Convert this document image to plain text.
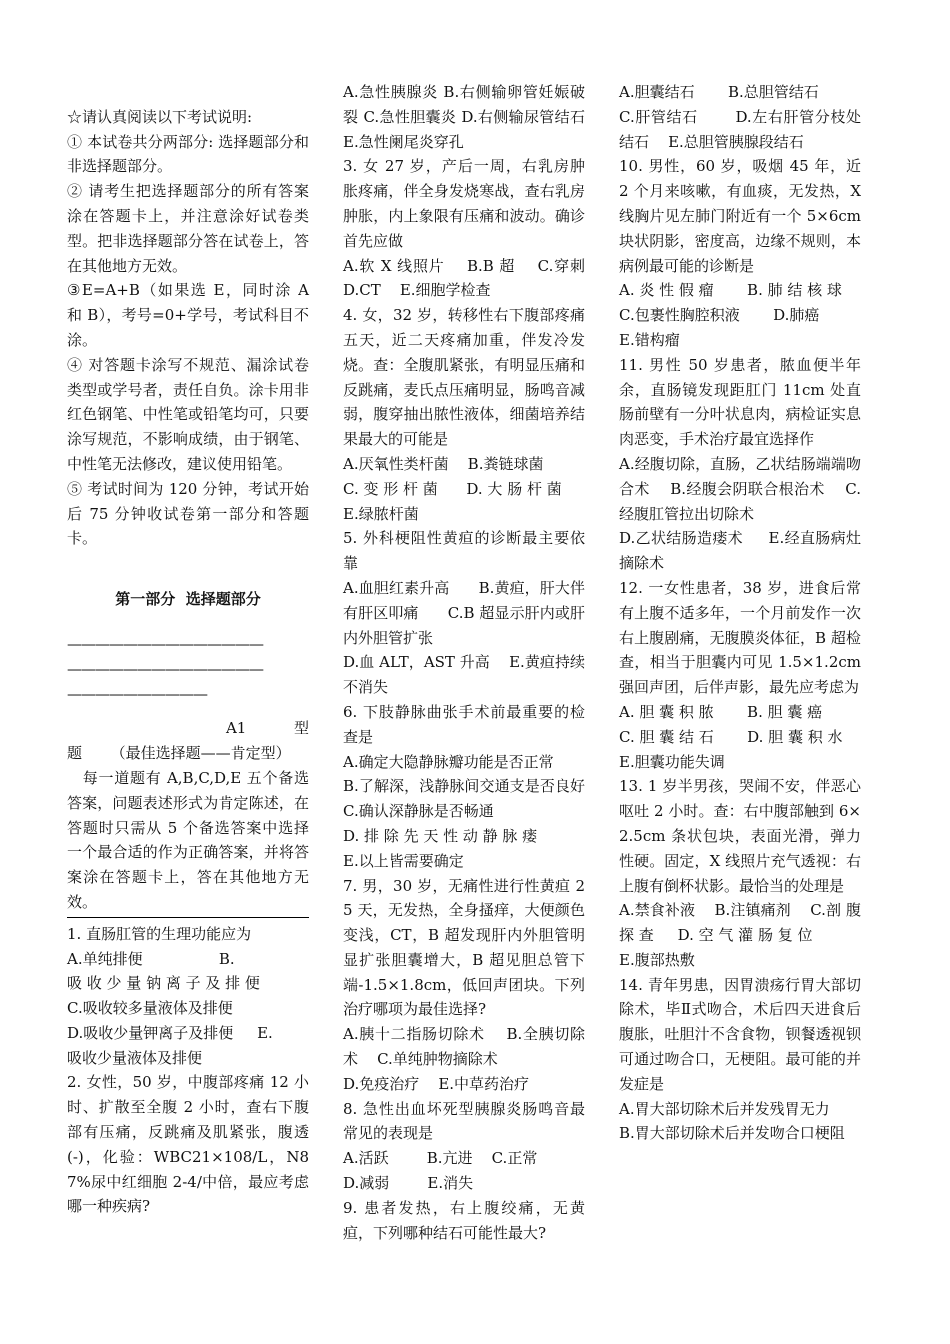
☆请认真阅读以下考试说明:

① 本试卷共分两部分: 选择题部分和非选择题部分。

② 请考生把选择题部分的所有答案涂在答题卡上，并注意涂好试卷类型。把非选择题部分答在试卷上，答在其他地方无效。

③E=A+B（如果选 E，同时涂 A 和 B），考号=0+学号，考试科目不涂。

④ 对答题卡涂写不规范、漏涂试卷类型或学号者，责任自负。涂卡用非红色钢笔、中性笔或铅笔均可，只要涂写规范，不影响成绩，由于钢笔、中性笔无法修改，建议使用铅笔。

⑤ 考试时间为 120 分钟，考试开始后 75 分钟收试卷第一部分和答题卡。

第一部分  选择题部分

——————————————

——————————————

——————————

A1          型

题      （最佳选择题——肯定型）

　每一道题有 A,B,C,D,E 五个备选答案，问题表述形式为肯定陈述，在答题时只需从 5 个备选答案中选择一个最合适的作为正确答案，并将答案涂在答题卡上，答在其他地方无效。

1. 直肠肛管的生理功能应为

A.单纯排便                B.

吸 收 少 量 钠 离 子 及 排 便

C.吸收较多量液体及排便

D.吸收少量钾离子及排便     E.

吸收少量液体及排便

2. 女性，50 岁，中腹部疼痛 12 小时、扩散至全腹 2 小时，查右下腹部有压痛，反跳痛及肌紧张，腹透(-)，化验：WBC21×108/L，N87%尿中红细胞 2-4/中倍，最应考虑哪一种疾病?

A.急性胰腺炎 B.右侧输卵管妊娠破裂 C.急性胆囊炎 D.右侧输尿管结石 E.急性阑尾炎穿孔

3. 女 27 岁，产后一周，右乳房肿胀疼痛，伴全身发烧寒战，查右乳房肿胀，内上象限有压痛和波动。确诊首先应做

A.软 X 线照片    B.B 超    C.穿刺    D.CT    E.细胞学检查

4. 女，32 岁，转移性右下腹部疼痛五天，近二天疼痛加重，伴发冷发烧。查：全腹肌紧张，有明显压痛和反跳痛，麦氏点压痛明显，肠鸣音减弱，腹穿抽出脓性液体，细菌培养结果最大的可能是

A.厌氧性类杆菌    B.粪链球菌

C. 变 形 杆 菌      D. 大 肠 杆 菌

E.绿脓杆菌

5. 外科梗阻性黄疸的诊断最主要依靠

A.血胆红素升高      B.黄疸，肝大伴有肝区叩痛      C.B 超显示肝内或肝内外胆管扩张

D.血 ALT，AST 升高    E.黄疸持续不消失

6. 下肢静脉曲张手术前最重要的检查是

A.确定大隐静脉瓣功能是否正常

B.了解深，浅静脉间交通支是否良好  C.确认深静脉是否畅通

D. 排 除 先 天 性 动 静 脉 瘘

E.以上皆需要确定

7. 男，30 岁，无痛性进行性黄疸 25 天，无发热，全身搔痒，大便颜色变浅，CT，B 超发现肝内外胆管明显扩张胆囊增大，B 超见胆总管下端-1.5×1.8cm，低回声团块。下列治疗哪项为最佳选择?

A.胰十二指肠切除术    B.全胰切除术    C.单纯肿物摘除术

D.免疫治疗    E.中草药治疗

8. 急性出血坏死型胰腺炎肠鸣音最常见的表现是

A.活跃        B.亢进    C.正常

D.减弱        E.消失

9. 患者发热，右上腹绞痛，无黄疸，下列哪种结石可能性最大?

A.胆囊结石       B.总胆管结石

C.肝管结石       D.左右肝管分枝处结石    E.总胆管胰腺段结石

10. 男性，60 岁，吸烟 45 年，近 2 个月来咳嗽，有血痰，无发热，X 线胸片见左肺门附近有一个 5×6cm 块状阴影，密度高，边缘不规则，本病例最可能的诊断是

A. 炎 性 假 瘤       B. 肺 结 核 球

C.包裹性胸腔积液       D.肺癌

E.错构瘤

11. 男性 50 岁患者，脓血便半年余，直肠镜发现距肛门 11cm 处直肠前壁有一分叶状息肉，病检证实息肉恶变，手术治疗最宜选择作

A.经腹切除，直肠，乙状结肠端端吻合术    B.经腹会阴联合根治术    C.经腹肛管拉出切除术

D.乙状结肠造瘘术     E.经直肠病灶摘除术

12. 一女性患者，38 岁，进食后常有上腹不适多年，一个月前发作一次右上腹剧痛，无腹膜炎体征，B 超检查，相当于胆囊内可见 1.5×1.2cm强回声团，后伴声影，最先应考虑为

A. 胆 囊 积 脓       B. 胆 囊 癌

C. 胆 囊 结 石       D. 胆 囊 积 水

E.胆囊功能失调

13. 1 岁半男孩，哭闹不安，伴恶心呕吐 2 小时。查：右中腹部触到 6×2.5cm 条状包块，表面光滑，弹力性硬。固定，X 线照片充气透视：右上腹有倒杯状影。最恰当的处理是

A.禁食补液    B.注镇痛剂    C.剖 腹 探 查     D. 空 气 灌 肠 复 位

E.腹部热敷

14. 青年男患，因胃溃疡行胃大部切除术，毕Ⅱ式吻合，术后四天进食后腹胀，吐胆汁不含食物，钡餐透视钡可通过吻合口，无梗阻。最可能的并发症是

A.胃大部切除术后并发残胃无力

B.胃大部切除术后并发吻合口梗阻
